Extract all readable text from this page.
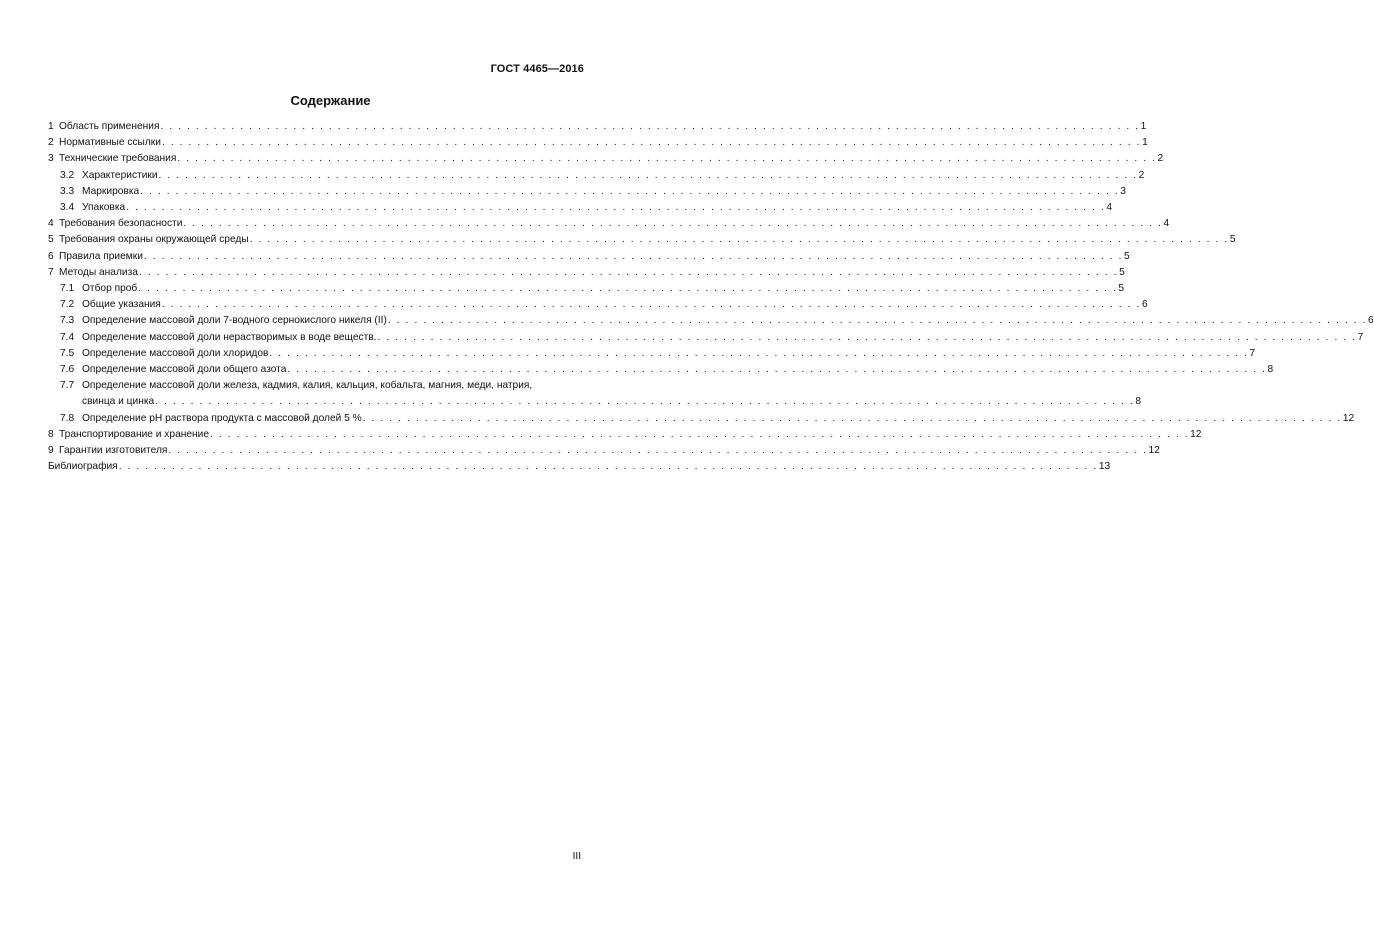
ГОСТ 4465—2016
Содержание
1 Область применения . . . . . . . . . . . . . . . . . . . . . . . . . . . . . . . . . . . . . . . . . . . . . . . . . . . . . . . . . . . . . . . . . . . . . . . . . . . . . . . . . . . . . . . . . . . . . . . . . . . . . . . . . . . . . . . 1
2 Нормативные ссылки . . . . . . . . . . . . . . . . . . . . . . . . . . . . . . . . . . . . . . . . . . . . . . . . . . . . . . . . . . . . . . . . . . . . . . . . . . . . . . . . . . . . . . . . . . . . . . . . . . . . . . . . . . . . . . . 1
3 Технические требования . . . . . . . . . . . . . . . . . . . . . . . . . . . . . . . . . . . . . . . . . . . . . . . . . . . . . . . . . . . . . . . . . . . . . . . . . . . . . . . . . . . . . . . . . . . . . . . . . . . . . . . . . . . . . . . 2
3.2 Характеристики . . . . . . . . . . . . . . . . . . . . . . . . . . . . . . . . . . . . . . . . . . . . . . . . . . . . . . . . . . . . . . . . . . . . . . . . . . . . . . . . . . . . . . . . . . . . . . . . . . . . . . . . . . . . . . . 2
3.3 Маркировка . . . . . . . . . . . . . . . . . . . . . . . . . . . . . . . . . . . . . . . . . . . . . . . . . . . . . . . . . . . . . . . . . . . . . . . . . . . . . . . . . . . . . . . . . . . . . . . . . . . . . . . . . . . . . . . 3
3.4 Упаковка . . . . . . . . . . . . . . . . . . . . . . . . . . . . . . . . . . . . . . . . . . . . . . . . . . . . . . . . . . . . . . . . . . . . . . . . . . . . . . . . . . . . . . . . . . . . . . . . . . . . . . . . . . . . . . . 4
4 Требования безопасности . . . . . . . . . . . . . . . . . . . . . . . . . . . . . . . . . . . . . . . . . . . . . . . . . . . . . . . . . . . . . . . . . . . . . . . . . . . . . . . . . . . . . . . . . . . . . . . . . . . . . . . . . . . . . . . 4
5 Требования охраны окружающей среды . . . . . . . . . . . . . . . . . . . . . . . . . . . . . . . . . . . . . . . . . . . . . . . . . . . . . . . . . . . . . . . . . . . . . . . . . . . . . . . . . . . . . . . . . . . . . . . . . . . . . . . . . . . . . . . 5
6 Правила приемки . . . . . . . . . . . . . . . . . . . . . . . . . . . . . . . . . . . . . . . . . . . . . . . . . . . . . . . . . . . . . . . . . . . . . . . . . . . . . . . . . . . . . . . . . . . . . . . . . . . . . . . . . . . . . . . 5
7 Методы анализа . . . . . . . . . . . . . . . . . . . . . . . . . . . . . . . . . . . . . . . . . . . . . . . . . . . . . . . . . . . . . . . . . . . . . . . . . . . . . . . . . . . . . . . . . . . . . . . . . . . . . . . . . . . . . . . 5
7.1 Отбор проб . . . . . . . . . . . . . . . . . . . . . . . . . . . . . . . . . . . . . . . . . . . . . . . . . . . . . . . . . . . . . . . . . . . . . . . . . . . . . . . . . . . . . . . . . . . . . . . . . . . . . . . . . . . . . . . 5
7.2 Общие указания . . . . . . . . . . . . . . . . . . . . . . . . . . . . . . . . . . . . . . . . . . . . . . . . . . . . . . . . . . . . . . . . . . . . . . . . . . . . . . . . . . . . . . . . . . . . . . . . . . . . . . . . . . . . . . . 6
7.3 Определение массовой доли 7-водного сернокислого никеля (II) . . . . . . . . . . . . . . . . . . . . . . . . . . . . . . . . . . . . . . . . . . . . . . . . . . . . . . . . . . . . . . . . . . . . . . . . . . . . . . . . . . . . . . . . . . . . . . . . . . . . . . . . . . . . . . . 6
7.4 Определение массовой доли нерастворимых в воде веществ. . . . . . . . . . . . . . . . . . . . . . . . . . . . . . . . . . . . . . . . . . . . . . . . . . . . . . . . . . . . . . . . . . . . . . . . . . . . . . . . . . . . . . . . . . . . . . . . . . . . . . . . . . . . . . . . 7
7.5 Определение массовой доли хлоридов . . . . . . . . . . . . . . . . . . . . . . . . . . . . . . . . . . . . . . . . . . . . . . . . . . . . . . . . . . . . . . . . . . . . . . . . . . . . . . . . . . . . . . . . . . . . . . . . . . . . . . . . . . . . . . . 7
7.6 Определение массовой доли общего азота . . . . . . . . . . . . . . . . . . . . . . . . . . . . . . . . . . . . . . . . . . . . . . . . . . . . . . . . . . . . . . . . . . . . . . . . . . . . . . . . . . . . . . . . . . . . . . . . . . . . . . . . . . . . . . . 8
7.7 Определение массовой доли железа, кадмия, калия, кальция, кобальта, магния, меди, натрия,
свинца и цинка . . . . . . . . . . . . . . . . . . . . . . . . . . . . . . . . . . . . . . . . . . . . . . . . . . . . . . . . . . . . . . . . . . . . . . . . . . . . . . . . . . . . . . . . . . . . . . . . . . . . . . . . . . . . . . . 8
7.8 Определение рН раствора продукта с массовой долей 5 % . . . . . . . . . . . . . . . . . . . . . . . . . . . . . . . . . . . . . . . . . . . . . . . . . . . . . . . . . . . . . . . . . . . . . . . . . . . . . . . . . . . . . . . . . . . . . . . . . . . . . . . . . . . . . . . 12
8 Транспортирование и хранение . . . . . . . . . . . . . . . . . . . . . . . . . . . . . . . . . . . . . . . . . . . . . . . . . . . . . . . . . . . . . . . . . . . . . . . . . . . . . . . . . . . . . . . . . . . . . . . . . . . . . . . . . . . . . . . 12
9 Гарантии изготовителя . . . . . . . . . . . . . . . . . . . . . . . . . . . . . . . . . . . . . . . . . . . . . . . . . . . . . . . . . . . . . . . . . . . . . . . . . . . . . . . . . . . . . . . . . . . . . . . . . . . . . . . . . . . . . . . 12
Библиография . . . . . . . . . . . . . . . . . . . . . . . . . . . . . . . . . . . . . . . . . . . . . . . . . . . . . . . . . . . . . . . . . . . . . . . . . . . . . . . . . . . . . . . . . . . . . . . . . . . . . . . . . . . . . . . 13
III
